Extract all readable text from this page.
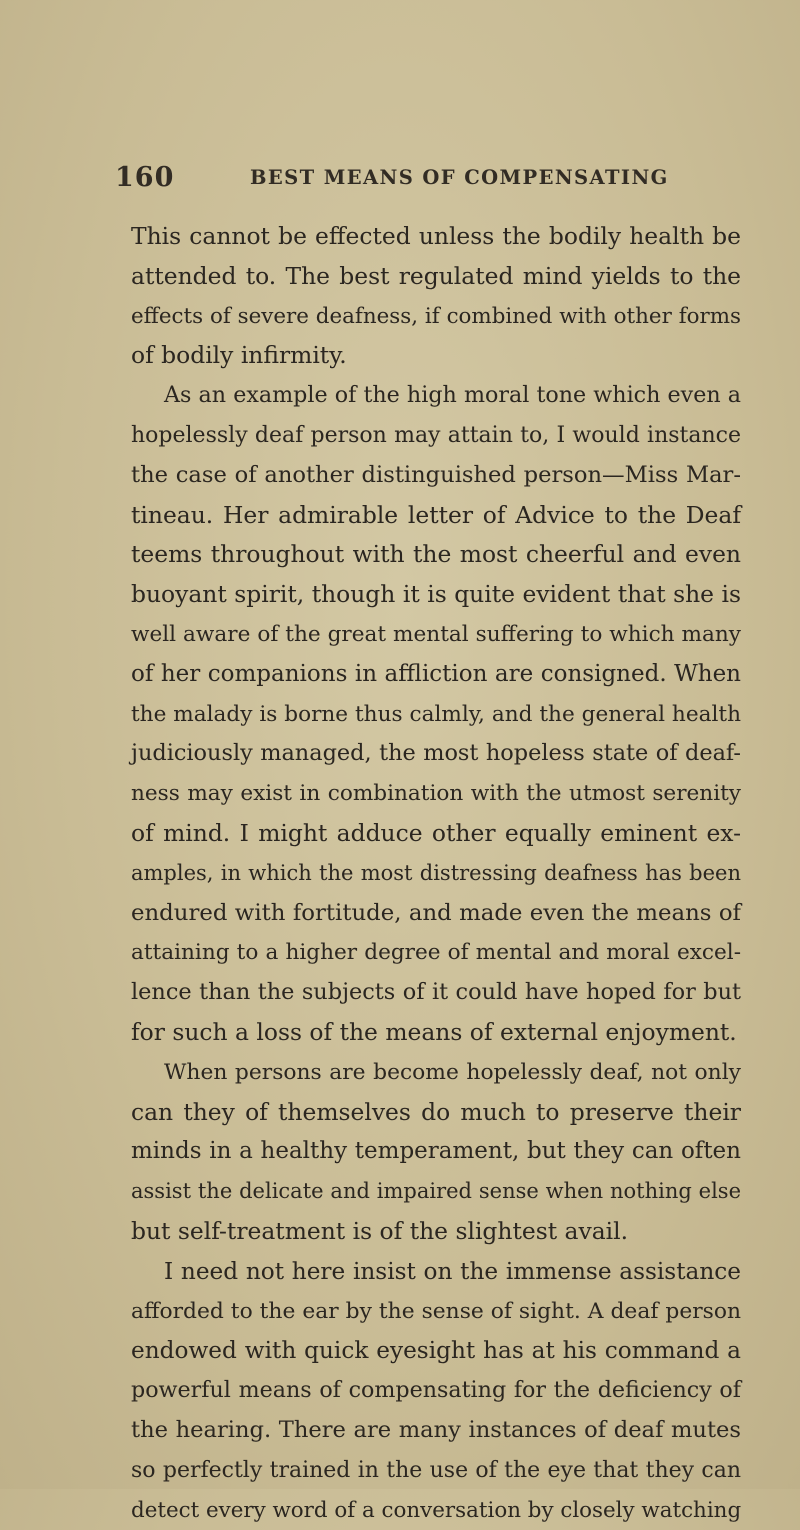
160	BEST MEANS OF COMPENSATING
This cannot be effected unless the bodily health be
attended to. The best regulated mind yields to the
effects of severe deafness, if combined with other forms
of bodily infirmity.
As an example of the high moral tone which even a
hopelessly deaf person may attain to, I would instance
the case of another distinguished person—Miss Mar-
tineau. Her admirable letter of Advice to the Deaf
teems throughout with the most cheerful and even
buoyant spirit, though it is quite evident that she is
well aware of the great mental suffering to which many
of her companions in affliction are consigned. When
the malady is borne thus calmly, and the general health
judiciously managed, the most hopeless state of deaf-
ness may exist in combination with the utmost serenity
of mind. I might adduce other equally eminent ex-
amples, in which the most distressing deafness has been
endured with fortitude, and made even the means of
attaining to a higher degree of mental and moral excel-
lence than the subjects of it could have hoped for but
for such a loss of the means of external enjoyment.
When persons are become hopelessly deaf, not only
can they of themselves do much to preserve their
minds in a healthy temperament, but they can often
assist the delicate and impaired sense when nothing else
but self-treatment is of the slightest avail.
I need not here insist on the immense assistance
afforded to the ear by the sense of sight. A deaf person
endowed with quick eyesight has at his command a
powerful means of compensating for the deficiency of
the hearing. There are many instances of deaf mutes
so perfectly trained in the use of the eye that they can
detect every word of a conversation by closely watching
